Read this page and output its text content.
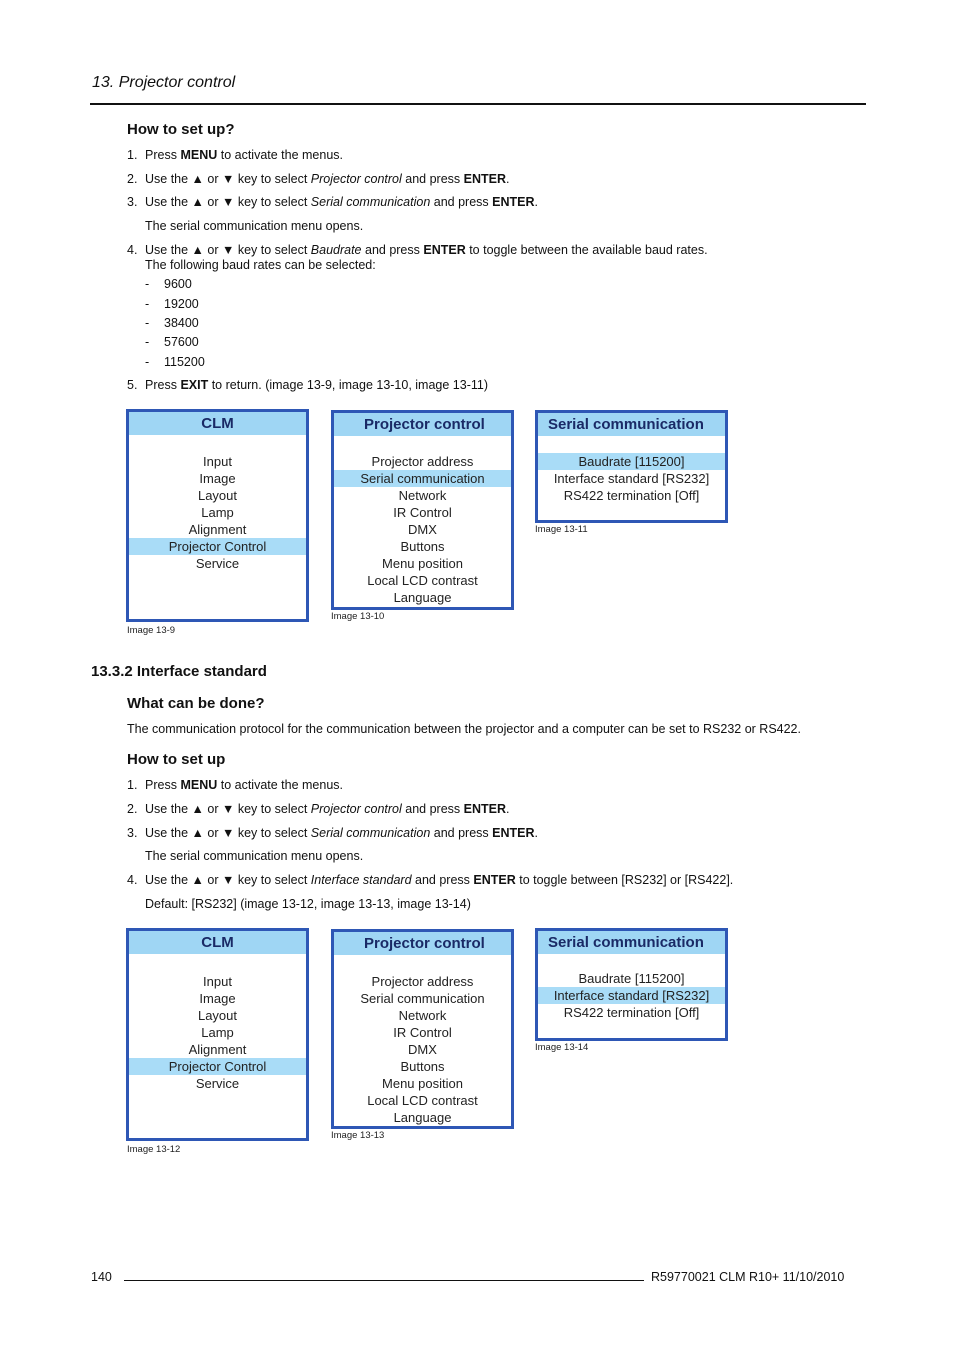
13. Projector control
How to set up?
1. Press MENU to activate the menus.
2. Use the ▲ or ▼ key to select Projector control and press ENTER.
3. Use the ▲ or ▼ key to select Serial communication and press ENTER.
The serial communication menu opens.
4. Use the ▲ or ▼ key to select Baudrate and press ENTER to toggle between the available baud rates.
The following baud rates can be selected:
- 9600
- 19200
- 38400
- 57600
- 115200
5. Press EXIT to return. (image 13-9, image 13-10, image 13-11)
CLM
Input
Image
Layout
Lamp
Alignment
Projector Control
Service
Image 13-9
Projector control
Projector address
Serial communication
Network
IR Control
DMX
Buttons
Menu position
Local LCD contrast
Language
Image 13-10
Serial communication
Baudrate [115200]
Interface standard [RS232]
RS422 termination [Off]
Image 13-11
13.3.2 Interface standard
What can be done?
The communication protocol for the communication between the projector and a computer can be set to RS232 or RS422.
How to set up
1. Press MENU to activate the menus.
2. Use the ▲ or ▼ key to select Projector control and press ENTER.
3. Use the ▲ or ▼ key to select Serial communication and press ENTER.
The serial communication menu opens.
4. Use the ▲ or ▼ key to select Interface standard and press ENTER to toggle between [RS232] or [RS422].
Default: [RS232] (image 13-12, image 13-13, image 13-14)
CLM
Input
Image
Layout
Lamp
Alignment
Projector Control
Service
Image 13-12
Projector control
Projector address
Serial communication
Network
IR Control
DMX
Buttons
Menu position
Local LCD contrast
Language
Image 13-13
Serial communication
Baudrate [115200]
Interface standard [RS232]
RS422 termination [Off]
Image 13-14
140	R59770021 CLM R10+ 11/10/2010
